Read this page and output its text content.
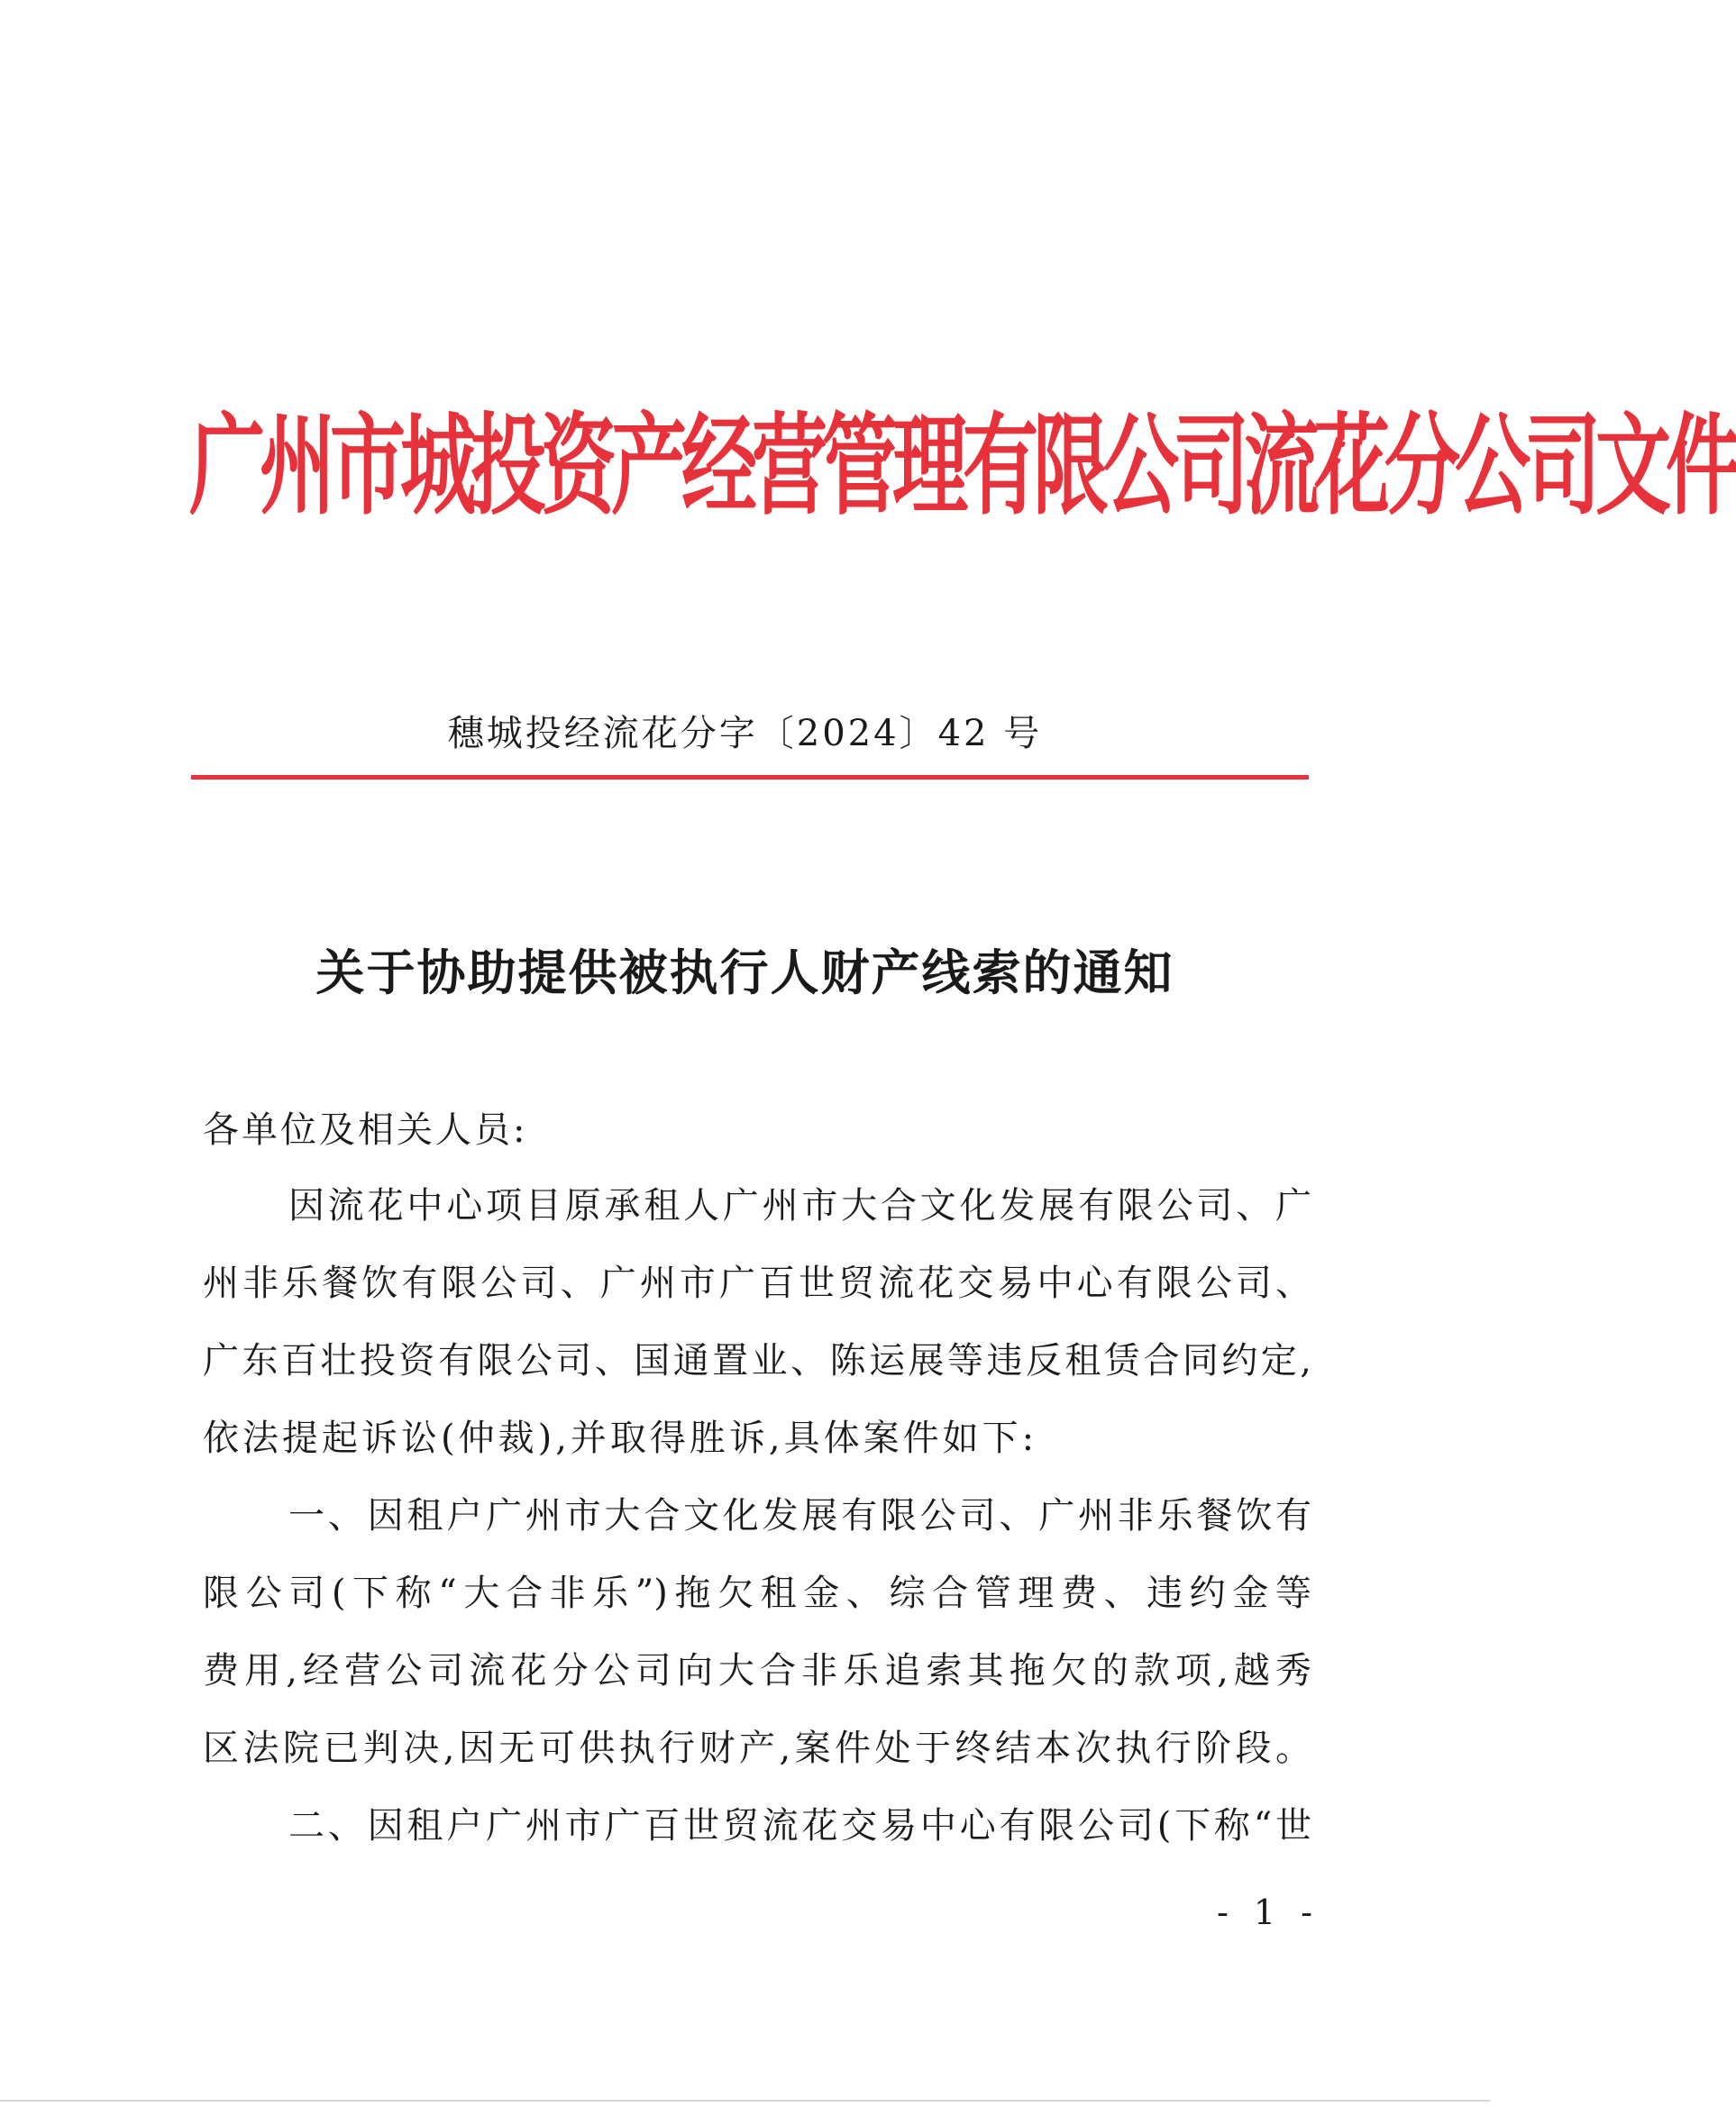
广州市城投资产经营管理有限公司流花分公司文件
穗城投经流花分字〔2024〕42 号
关于协助提供被执行人财产线索的通知
各单位及相关人员:
因流花中心项目原承租人广州市大合文化发展有限公司、广
州非乐餐饮有限公司、广州市广百世贸流花交易中心有限公司、
广东百壮投资有限公司、国通置业、陈运展等违反租赁合同约定,
依法提起诉讼(仲裁),并取得胜诉,具体案件如下:
一、因租户广州市大合文化发展有限公司、广州非乐餐饮有
限公司(下称“大合非乐”)拖欠租金、综合管理费、违约金等
费用,经营公司流花分公司向大合非乐追索其拖欠的款项,越秀
区法院已判决,因无可供执行财产,案件处于终结本次执行阶段。
二、因租户广州市广百世贸流花交易中心有限公司(下称“世
- 1 -
